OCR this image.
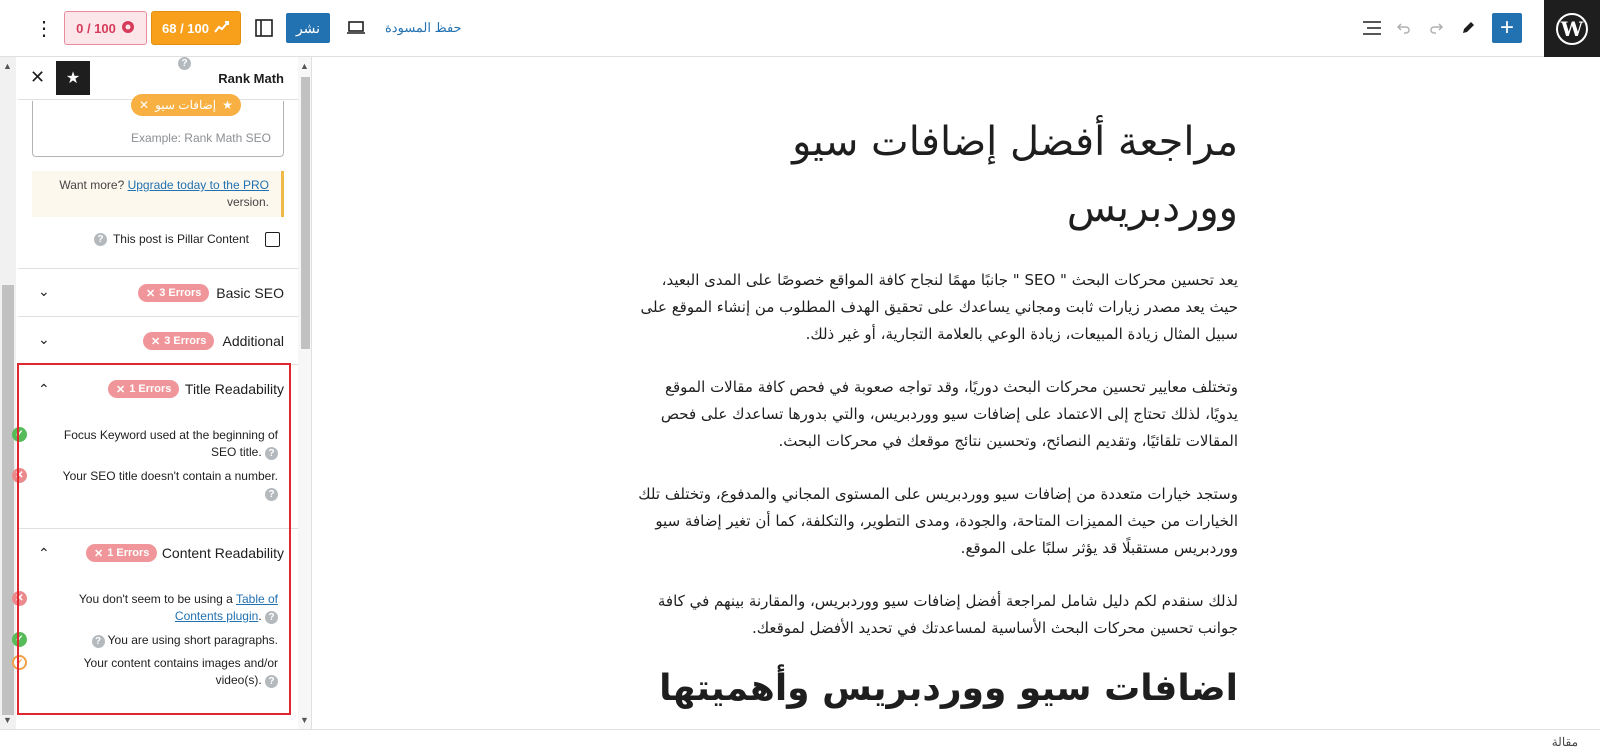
W
+
حفظ المسودة
نشر
68 / 100
0 / 100
⋮
▲
▼
▲
▼
✕	★
?
Rank Math
Example: Rank Math SEO
✕ إضافات سيو ★
Want more? Upgrade today to the PRO
version.
? This post is Pillar Content
Basic SEO
✕ 3 Errors
⌄
Additional
✕ 3 Errors
⌄
Title Readability
✕ 1 Errors
⌃
✓	Focus Keyword used at the beginning of SEO title. ?
✕	Your SEO title doesn't contain a number.
?
Content Readability
✕ 1 Errors
⌃
✕	You don't seem to be using a Table of Contents plugin. ?
✓	? You are using short paragraphs.
✓	Your content contains images and/or video(s). ?
مراجعة أفضل إضافات سيو ووردبريس

يعد تحسين محركات البحث " SEO " جانبًا مهمًا لنجاح كافة المواقع خصوصًا على المدى البعيد، حيث يعد مصدر زيارات ثابت ومجاني يساعدك على تحقيق الهدف المطلوب من إنشاء الموقع على سبيل المثال زيادة المبيعات، زيادة الوعي بالعلامة التجارية، أو غير ذلك.

وتختلف معايير تحسين محركات البحث دوريًا، وقد تواجه صعوبة في فحص كافة مقالات الموقع يدويًا، لذلك تحتاج إلى الاعتماد على إضافات سيو ووردبريس، والتي بدورها تساعدك على فحص المقالات تلقائيًا، وتقديم النصائح، وتحسين نتائج موقعك في محركات البحث.

وستجد خيارات متعددة من إضافات سيو ووردبريس على المستوى المجاني والمدفوع، وتختلف تلك الخيارات من حيث المميزات المتاحة، والجودة، ومدى التطوير، والتكلفة، كما أن تغير إضافة سيو ووردبريس مستقبلًا قد يؤثر سلبًا على الموقع.

لذلك سنقدم لكم دليل شامل لمراجعة أفضل إضافات سيو ووردبريس، والمقارنة بينهم في كافة جوانب تحسين محركات البحث الأساسية لمساعدتك في تحديد الأفضل لموقعك.

اضافات سيو ووردبريس وأهميتها
مقالة
